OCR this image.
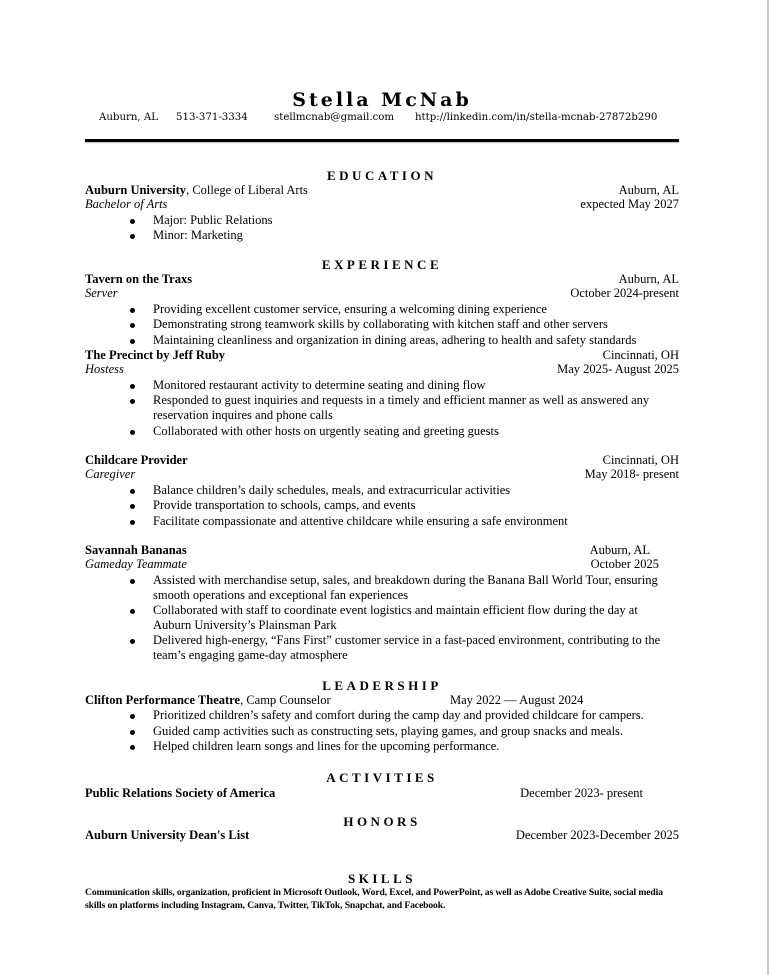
Stella McNab
Auburn, AL 513-371-3334	stellmcnab@gmail.com http://linkedin.com/in/stella-mcnab-27872b290
EDUCATION
Auburn University, College of Liberal Arts	Auburn, AL
Bachelor of Arts	expected May 2027
Major: Public Relations
Minor: Marketing
EXPERIENCE
Tavern on the Traxs	Auburn, AL
Server	October 2024-present
Providing excellent customer service, ensuring a welcoming dining experience
Demonstrating strong teamwork skills by collaborating with kitchen staff and other servers
Maintaining cleanliness and organization in dining areas, adhering to health and safety standards
The Precinct by Jeff Ruby	Cincinnati, OH
Hostess	May 2025- August 2025
Monitored restaurant activity to determine seating and dining flow
Responded to guest inquiries and requests in a timely and efficient manner as well as answered any reservation inquires and phone calls
Collaborated with other hosts on urgently seating and greeting guests
Childcare Provider	Cincinnati, OH
Caregiver	May 2018- present
Balance children’s daily schedules, meals, and extracurricular activities
Provide transportation to schools, camps, and events
Facilitate compassionate and attentive childcare while ensuring a safe environment
Savannah Bananas	Auburn, AL
Gameday Teammate	October 2025
Assisted with merchandise setup, sales, and breakdown during the Banana Ball World Tour, ensuring smooth operations and exceptional fan experiences
Collaborated with staff to coordinate event logistics and maintain efficient flow during the day at Auburn University’s Plainsman Park
Delivered high-energy, “Fans First” customer service in a fast-paced environment, contributing to the team’s engaging game-day atmosphere
LEADERSHIP
Clifton Performance Theatre, Camp Counselor	May 2022 — August 2024
Prioritized children’s safety and comfort during the camp day and provided childcare for campers.
Guided camp activities such as constructing sets, playing games, and group snacks and meals.
Helped children learn songs and lines for the upcoming performance.
ACTIVITIES
Public Relations Society of America	December 2023- present
HONORS
Auburn University Dean's List	December 2023-December 2025
SKILLS
Communication skills, organization, proficient in Microsoft Outlook, Word, Excel, and PowerPoint, as well as Adobe Creative Suite, social media skills on platforms including Instagram, Canva, Twitter, TikTok, Snapchat, and Facebook.
